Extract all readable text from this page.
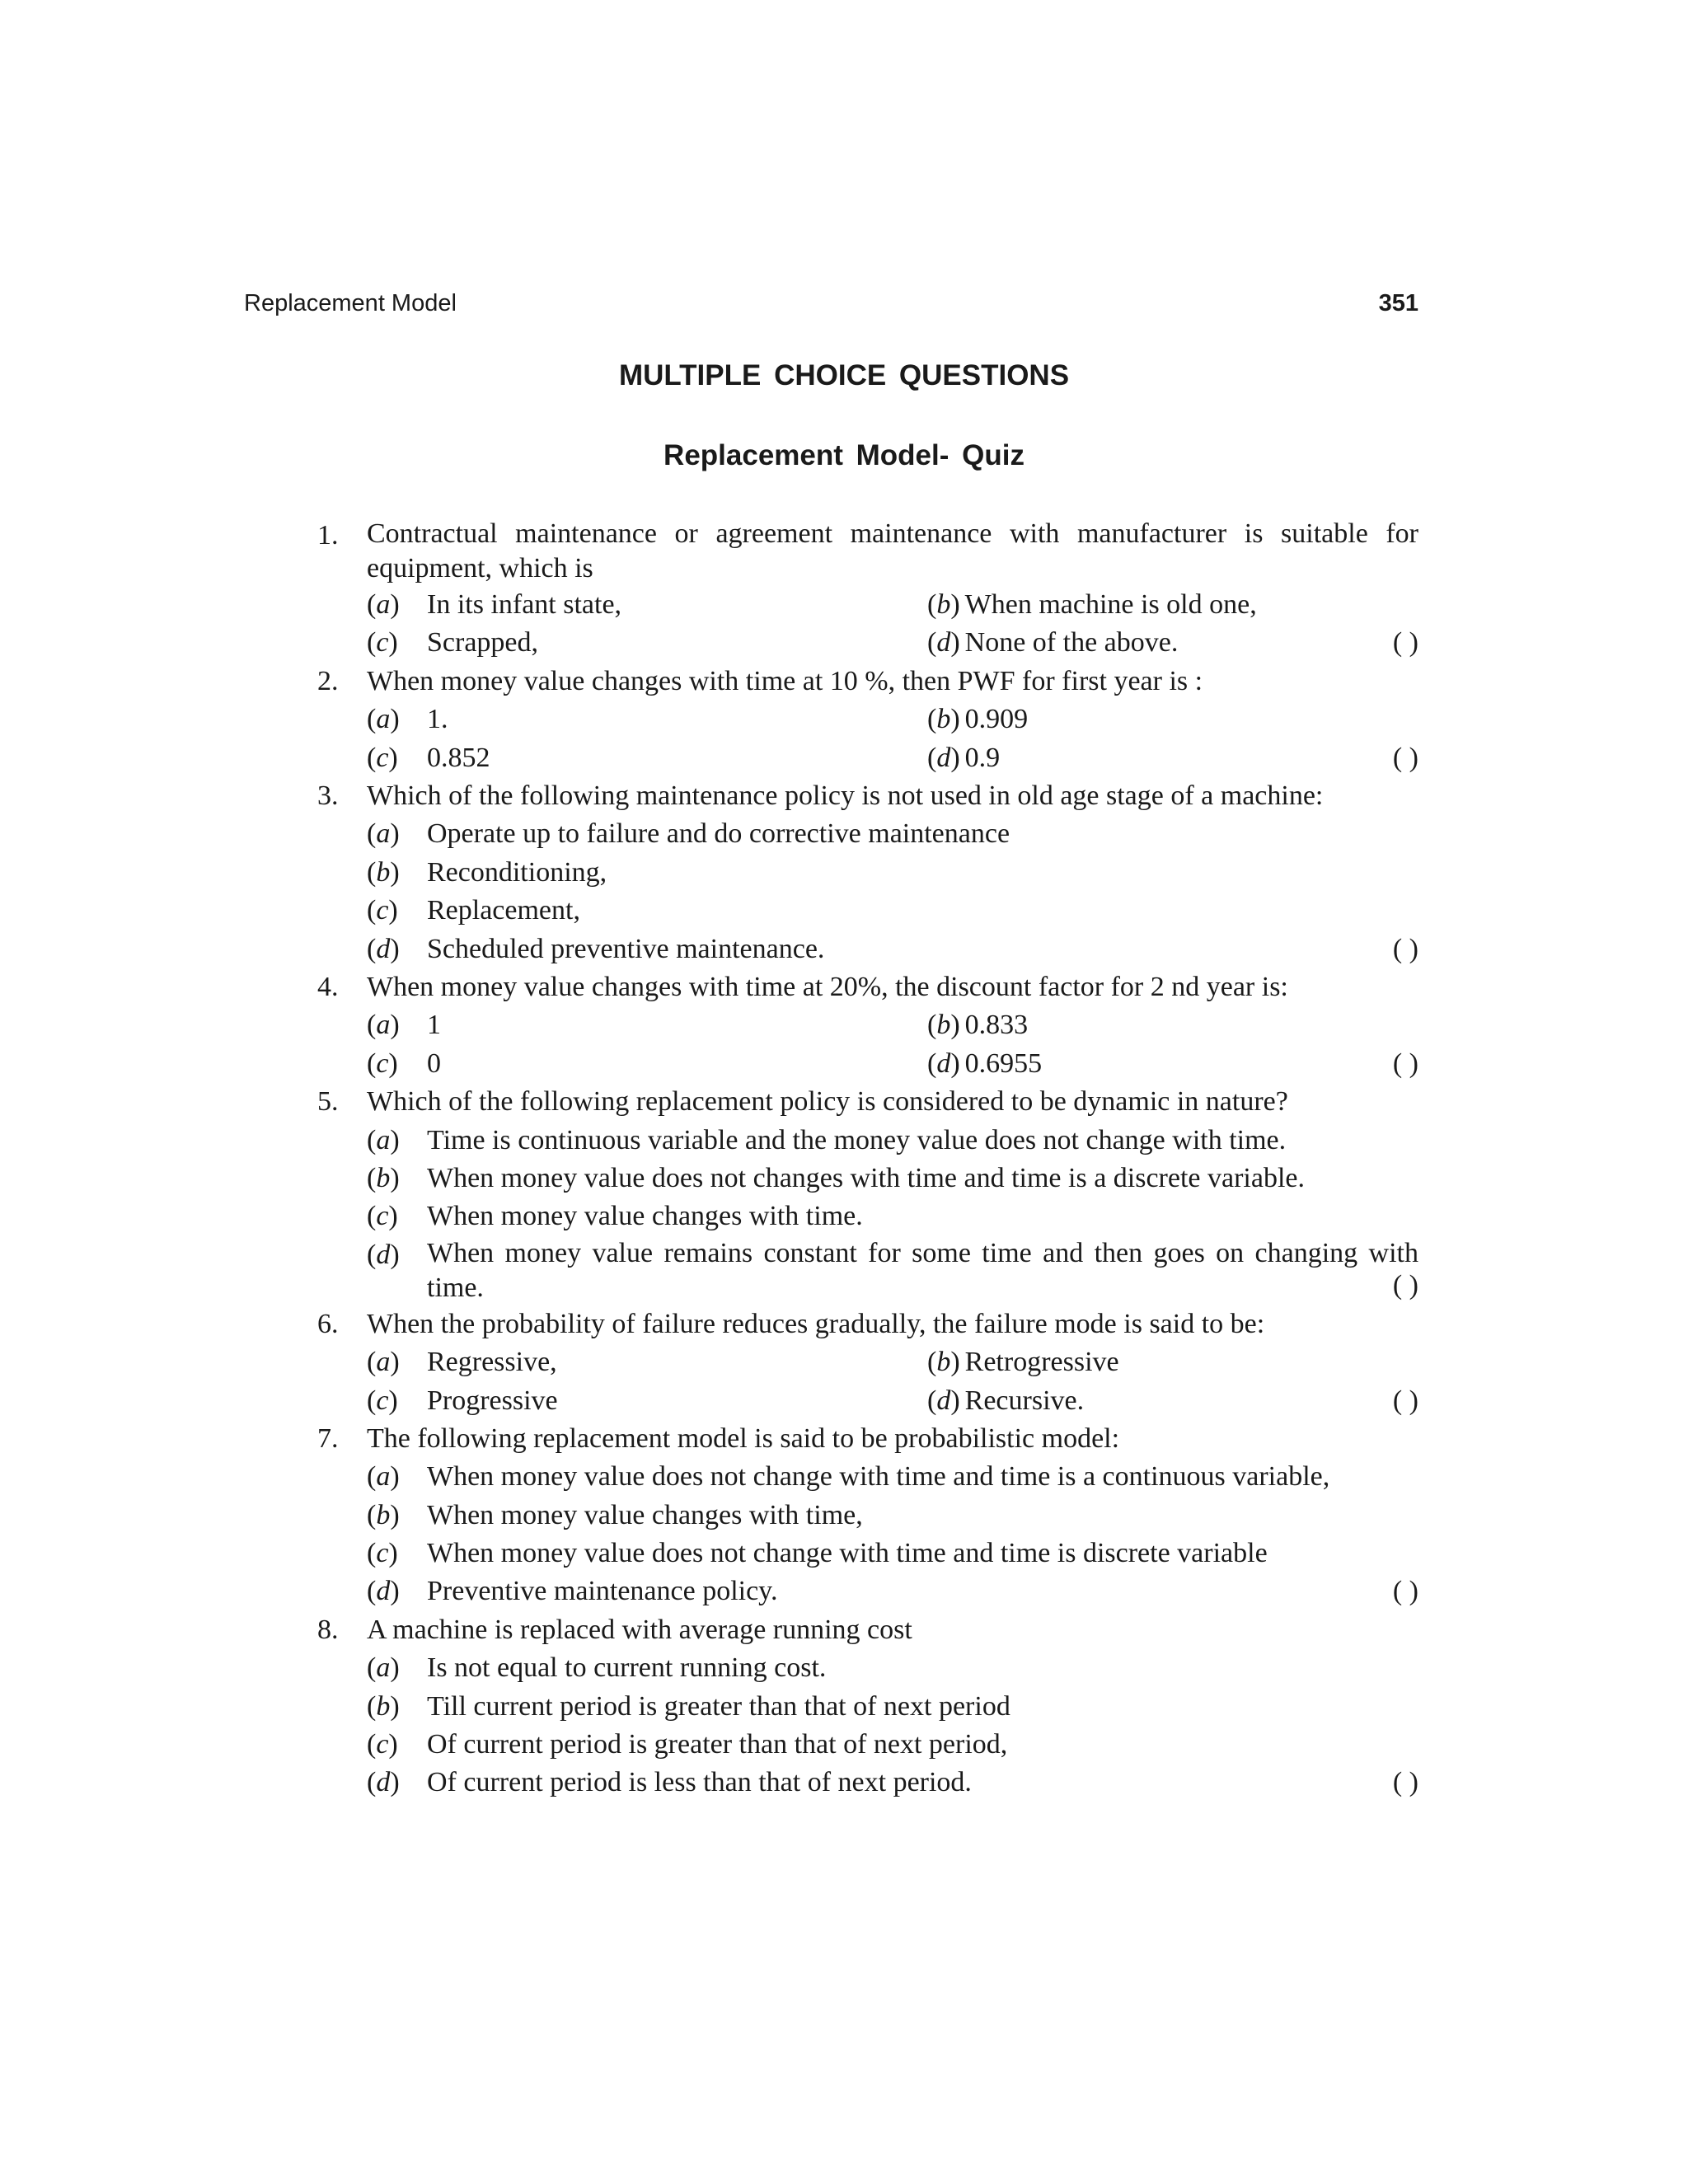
Replacement Model	351
MULTIPLE CHOICE QUESTIONS
Replacement Model- Quiz
1.	Contractual maintenance or agreement maintenance with manufacturer is suitable for equipment, which is
(a) In its infant state,	(b) When machine is old one,
(c) Scrapped,	(d) None of the above.	( )
2.	When money value changes with time at 10 %, then PWF for first year is :
(a) 1.	(b) 0.909
(c) 0.852	(d) 0.9	( )
3.	Which of the following maintenance policy is not used in old age stage of a machine:
(a) Operate up to failure and do corrective maintenance
(b) Reconditioning,
(c) Replacement,
(d) Scheduled preventive maintenance.	( )
4.	When money value changes with time at 20%, the discount factor for 2 nd year is:
(a) 1	(b) 0.833
(c) 0	(d) 0.6955	( )
5.	Which of the following replacement policy is considered to be dynamic in nature?
(a) Time is continuous variable and the money value does not change with time.
(b) When money value does not changes with time and time is a discrete variable.
(c) When money value changes with time.
(d) When money value remains constant for some time and then goes on changing with time.	( )
6.	When the probability of failure reduces gradually, the failure mode is said to be:
(a) Regressive,	(b) Retrogressive
(c) Progressive	(d) Recursive.	( )
7.	The following replacement model is said to be probabilistic model:
(a) When money value does not change with time and time is a continuous variable,
(b) When money value changes with time,
(c) When money value does not change with time and time is discrete variable
(d) Preventive maintenance policy.	( )
8.	A machine is replaced with average running cost
(a) Is not equal to current running cost.
(b) Till current period is greater than that of next period
(c) Of current period is greater than that of next period,
(d) Of current period is less than that of next period.	( )
